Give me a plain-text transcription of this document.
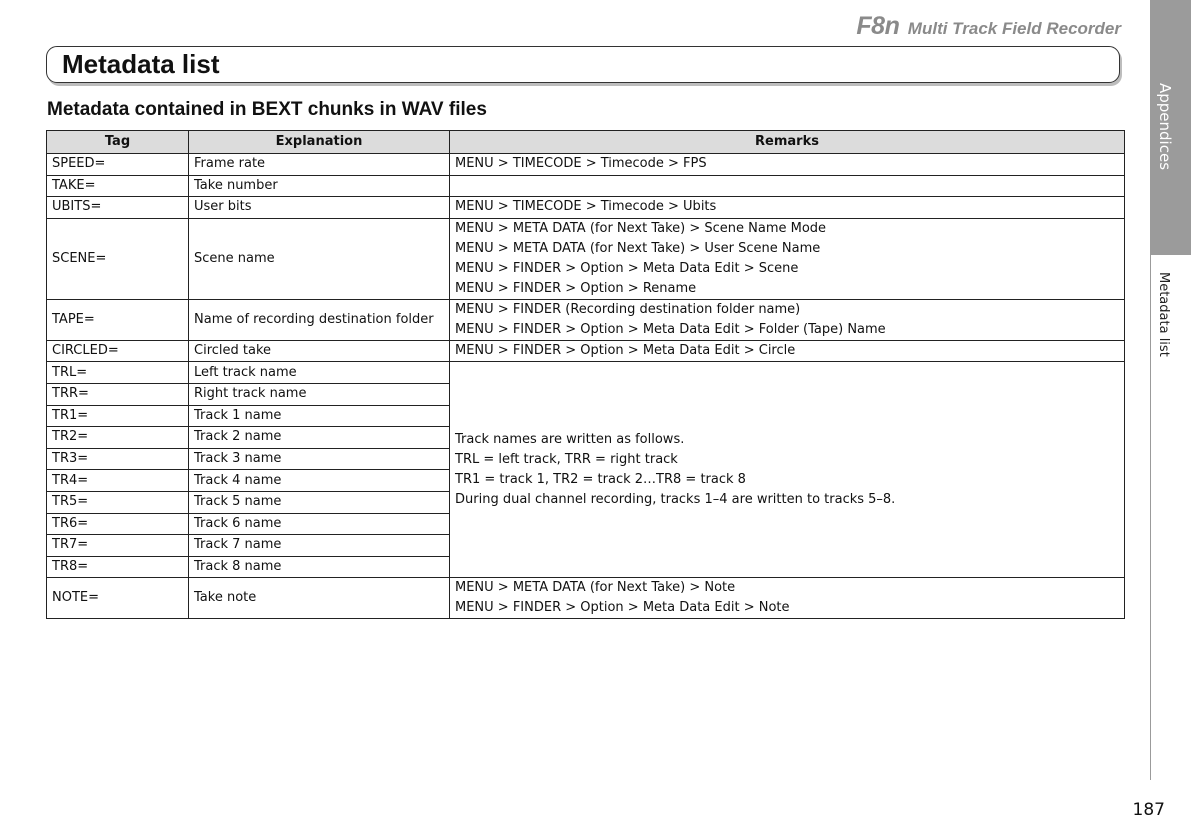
F8n Multi Track Field Recorder
Metadata list
Metadata contained in BEXT chunks in WAV files
Tag	Explanation	Remarks
SPEED=	Frame rate	MENU > TIMECODE > Timecode > FPS

TAKE=	Take number	
UBITS=	User bits	MENU > TIMECODE > Timecode > Ubits

SCENE=	Scene name	MENU > META DATA (for Next Take) > Scene Name Mode
MENU > META DATA (for Next Take) > User Scene Name
MENU > FINDER > Option > Meta Data Edit > Scene
MENU > FINDER > Option > Rename

TAPE=	Name of recording destination folder	MENU > FINDER (Recording destination folder name)
MENU > FINDER > Option > Meta Data Edit > Folder (Tape) Name

CIRCLED=	Circled take	MENU > FINDER > Option > Meta Data Edit > Circle

TRL=	Left track name	Track names are written as follows.
TRL = left track, TRR = right track
TR1 = track 1, TR2 = track 2…TR8 = track 8
During dual channel recording, tracks 1–4 are written to tracks 5–8.

TRR=	Right track name	
TR1=	Track 1 name	
TR2=	Track 2 name	
TR3=	Track 3 name	
TR4=	Track 4 name	
TR5=	Track 5 name	
TR6=	Track 6 name	
TR7=	Track 7 name	
TR8=	Track 8 name	
NOTE=	Take note	MENU > META DATA (for Next Take) > Note
MENU > FINDER > Option > Meta Data Edit > Note
Appendices
Metadata list
187
